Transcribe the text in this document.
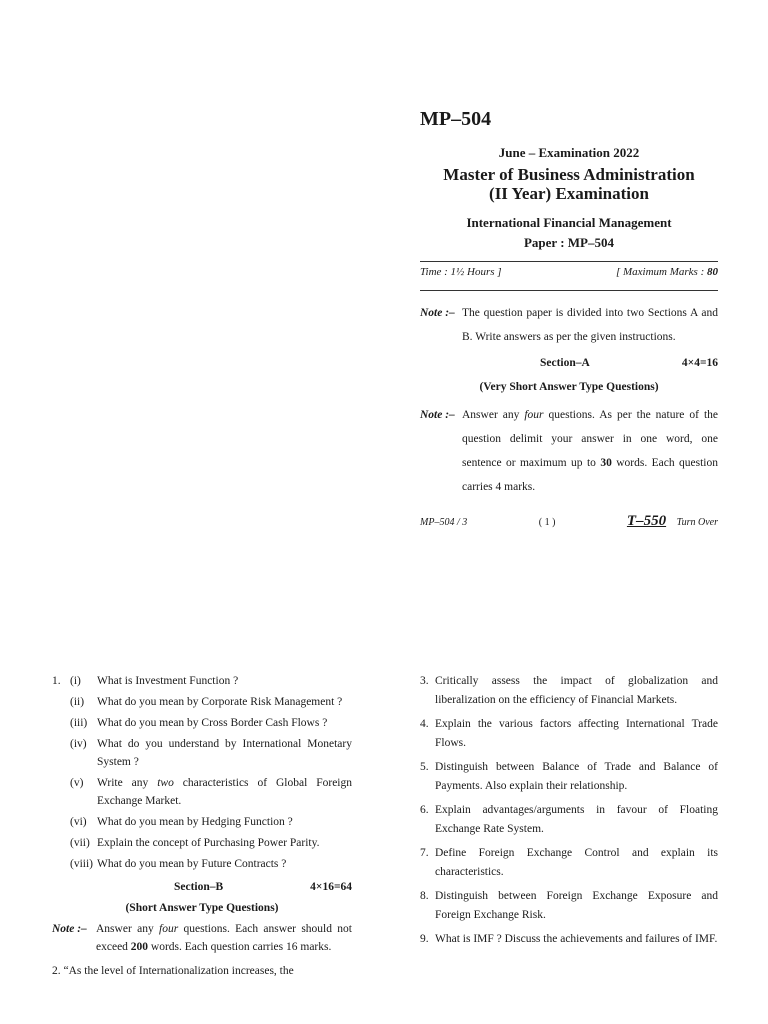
MP–504
June – Examination 2022
Master of Business Administration
(II Year) Examination
International Financial Management
Paper : MP–504
Time : 1½ Hours ]	[ Maximum Marks : 80
Note :– The question paper is divided into two Sections A and B. Write answers as per the given instructions.
Section–A	4×4=16
(Very Short Answer Type Questions)
Note :– Answer any four questions. As per the nature of the question delimit your answer in one word, one sentence or maximum up to 30 words. Each question carries 4 marks.
MP–504 / 3	( 1 )	T–550 Turn Over
1. (i)	What is Investment Function ?
(ii)	What do you mean by Corporate Risk Management ?
(iii) What do you mean by Cross Border Cash Flows ?
(iv) What do you understand by International Monetary System ?
(v)	Write any two characteristics of Global Foreign Exchange Market.
(vi) What do you mean by Hedging Function ?
(vii) Explain the concept of Purchasing Power Parity.
(viii) What do you mean by Future Contracts ?
Section–B	4×16=64
(Short Answer Type Questions)
Note :– Answer any four questions. Each answer should not exceed 200 words. Each question carries 16 marks.
2. “As the level of Internationalization increases, the
3. Critically assess the impact of globalization and liberalization on the efficiency of Financial Markets.
4. Explain the various factors affecting International Trade Flows.
5. Distinguish between Balance of Trade and Balance of Payments. Also explain their relationship.
6. Explain advantages/arguments in favour of Floating Exchange Rate System.
7. Define Foreign Exchange Control and explain its characteristics.
8. Distinguish between Foreign Exchange Exposure and Foreign Exchange Risk.
9. What is IMF ? Discuss the achievements and failures of IMF.
